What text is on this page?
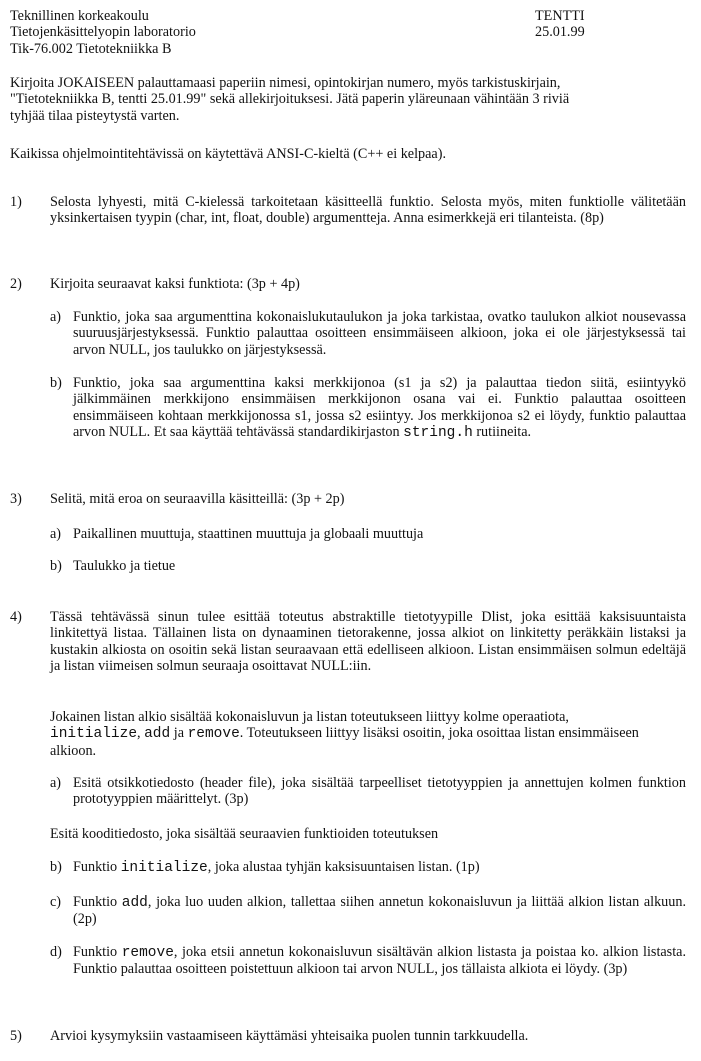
Teknillinen korkeakoulu
Tietojenkäsittelyopin laboratorio
Tik-76.002 Tietotekniikka B
TENTTI
25.01.99
Kirjoita JOKAISEEN palauttamaasi paperiin nimesi, opintokirjan numero, myös tarkistuskirjain,
"Tietotekniikka B, tentti 25.01.99" sekä allekirjoituksesi. Jätä paperin yläreunaan vähintään 3 riviä
tyhjää tilaa pisteytystä varten.
Kaikissa ohjelmointitehtävissä on käytettävä ANSI-C-kieltä (C++ ei kelpaa).
1) Selosta lyhyesti, mitä C-kielessä tarkoitetaan käsitteellä funktio. Selosta myös, miten funktiolle välitetään yksinkertaisen tyypin (char, int, float, double) argumentteja. Anna esimerkkejä eri tilanteista. (8p)
2) Kirjoita seuraavat kaksi funktiota: (3p + 4p)
a) Funktio, joka saa argumenttina kokonaislukutaulukon ja joka tarkistaa, ovatko taulukon alkiot nousevassa suuruusjärjestyksessä. Funktio palauttaa osoitteen ensimmäiseen alkioon, joka ei ole järjestyksessä tai arvon NULL, jos taulukko on järjestyksessä.
b) Funktio, joka saa argumenttina kaksi merkkijonoa (s1 ja s2) ja palauttaa tiedon siitä, esiintyykö jälkimmäinen merkkijono ensimmäisen merkkijonon osana vai ei. Funktio palauttaa osoitteen ensimmäiseen kohtaan merkkijonossa s1, jossa s2 esiintyy. Jos merkkijonoa s2 ei löydy, funktio palauttaa arvon NULL. Et saa käyttää tehtävässä standardikirjaston string.h rutiineita.
3) Selitä, mitä eroa on seuraavilla käsitteillä: (3p + 2p)
a) Paikallinen muuttuja, staattinen muuttuja ja globaali muuttuja
b) Taulukko ja tietue
4) Tässä tehtävässä sinun tulee esittää toteutus abstraktille tietotyypille Dlist, joka esittää kaksisuuntaista linkitettyä listaa. Tällainen lista on dynaaminen tietorakenne, jossa alkiot on linkitetty peräkkäin listaksi ja kustakin alkiosta on osoitin sekä listan seuraavaan että edelliseen alkioon. Listan ensimmäisen solmun edeltäjä ja listan viimeisen solmun seuraaja osoittavat NULL:iin.
Jokainen listan alkio sisältää kokonaisluvun ja listan toteutukseen liittyy kolme operaatiota,
initialize, add ja remove. Toteutukseen liittyy lisäksi osoitin, joka osoittaa listan ensimmäiseen alkioon.
a) Esitä otsikkotiedosto (header file), joka sisältää tarpeelliset tietotyyppien ja annettujen kolmen funktion prototyyppien määrittelyt. (3p)
Esitä kooditiedosto, joka sisältää seuraavien funktioiden toteutuksen
b) Funktio initialize, joka alustaa tyhjän kaksisuuntaisen listan. (1p)
c) Funktio add, joka luo uuden alkion, tallettaa siihen annetun kokonaisluvun ja liittää alkion listan alkuun. (2p)
d) Funktio remove, joka etsii annetun kokonaisluvun sisältävän alkion listasta ja poistaa ko. alkion listasta. Funktio palauttaa osoitteen poistettuun alkioon tai arvon NULL, jos tällaista alkiota ei löydy. (3p)
5) Arvioi kysymyksiin vastaamiseen käyttämäsi yhteisaika puolen tunnin tarkkuudella.
